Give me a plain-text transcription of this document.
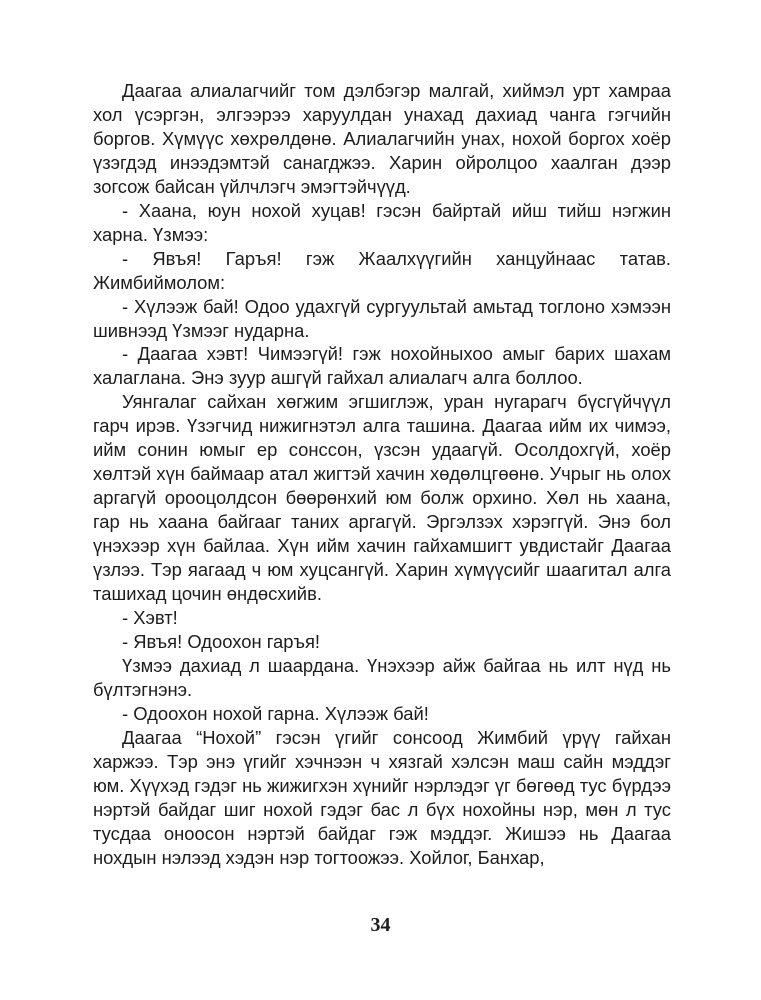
Даагаа алиалагчийг том дэлбэгэр малгай, хиймэл урт хамраа хол үсэргэн, элгээрээ харуулдан унахад дахиад чанга гэгчийн боргов. Хүмүүс хөхрөлдөнө. Алиалагчийн унах, нохой боргох хоёр үзэгдэд инээдэмтэй санагджээ. Харин ойролцоо хаалган дээр зогсож байсан үйлчлэгч эмэгтэйчүүд.

- Хаана, юун нохой хуцав! гэсэн байртай ийш тийш нэгжин харна. Үзмээ:

- Явъя! Гаръя! гэж Жаалхүүгийн ханцуйнаас татав. Жимбиймолом:

- Хүлээж бай! Одоо удахгүй сургуультай амьтад тоглоно хэмээн шивнээд Үзмээг нударна.

- Даагаа хэвт! Чимээгүй! гэж нохойныхоо амыг барих шахам халаглана. Энэ зуур ашгүй гайхал алиалагч алга боллоо.

Уянгалаг сайхан хөгжим эгшиглэж, уран нугарагч бүсгүйчүүл гарч ирэв. Үзэгчид нижигнэтэл алга ташина. Даагаа ийм их чимээ, ийм сонин юмыг ер сонссон, үзсэн удаагүй. Осолдохгүй, хоёр хөлтэй хүн баймаар атал жигтэй хачин хөдөлцгөөнө. Учрыг нь олох аргагүй орооцолдсон бөөрөнхий юм болж орхино. Хөл нь хаана, гар нь хаана байгааг таних аргагүй. Эргэлзэх хэрэггүй. Энэ бол үнэхээр хүн байлаа. Хүн ийм хачин гайхамшигт увдистайг Даагаа үзлээ. Тэр яагаад ч юм хуцсангүй. Харин хүмүүсийг шаагитал алга ташихад цочин өндөсхийв.

- Хэвт!

- Явъя! Одоохон гаръя!

Үзмээ дахиад л шаардана. Үнэхээр айж байгаа нь илт нүд нь бүлтэгнэнэ.

- Одоохон нохой гарна. Хүлээж бай!

Даагаа “Нохой” гэсэн үгийг сонсоод Жимбий үрүү гайхан харжээ. Тэр энэ үгийг хэчнээн ч хязгай хэлсэн маш сайн мэддэг юм. Хүүхэд гэдэг нь жижигхэн хүнийг нэрлэдэг үг бөгөөд тус бүрдээ нэртэй байдаг шиг нохой гэдэг бас л бүх нохойны нэр, мөн л тус тусдаа оноосон нэртэй байдаг гэж мэддэг. Жишээ нь Даагаа нохдын нэлээд хэдэн нэр тогтоожээ. Хойлог, Банхар,

34
